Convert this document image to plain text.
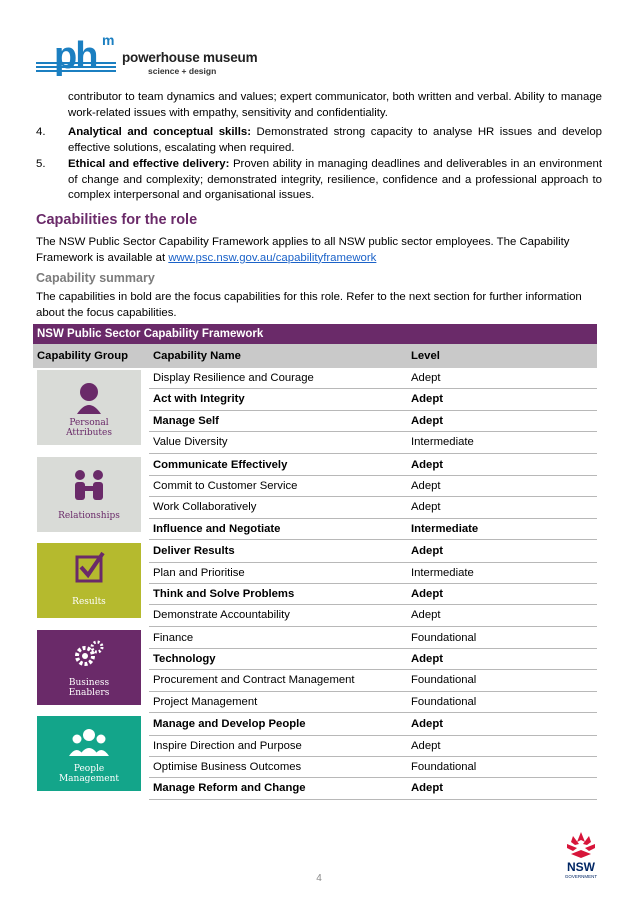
ph m
powerhouse museum
science + design
contributor to team dynamics and values; expert communicator, both written and verbal. Ability to manage work-related issues with empathy, sensitivity and confidentiality.
4. Analytical and conceptual skills: Demonstrated strong capacity to analyse HR issues and develop effective solutions, escalating when required.
5. Ethical and effective delivery: Proven ability in managing deadlines and deliverables in an environment of change and complexity; demonstrated integrity, resilience, confidence and a professional approach to complex interpersonal and organisational issues.
Capabilities for the role
The NSW Public Sector Capability Framework applies to all NSW public sector employees. The Capability Framework is available at www.psc.nsw.gov.au/capabilityframework
Capability summary
The capabilities in bold are the focus capabilities for this role. Refer to the next section for further information about the focus capabilities.
NSW Public Sector Capability Framework
Capability Group Capability Name	Level
Personal
Attributes
Display Resilience and Courage	Adept
Act with Integrity	Adept
Manage Self	Adept
Value Diversity	Intermediate
Relationships
Communicate Effectively	Adept
Commit to Customer Service	Adept
Work Collaboratively	Adept
Influence and Negotiate	Intermediate
Results
Deliver Results	Adept
Plan and Prioritise	Intermediate
Think and Solve Problems	Adept
Demonstrate Accountability	Adept
Business
Enablers
Finance	Foundational
Technology	Adept
Procurement and Contract Management	Foundational
Project Management	Foundational
People
Management
Manage and Develop People	Adept
Inspire Direction and Purpose	Adept
Optimise Business Outcomes	Foundational
Manage Reform and Change	Adept
4
NSW
GOVERNMENT
